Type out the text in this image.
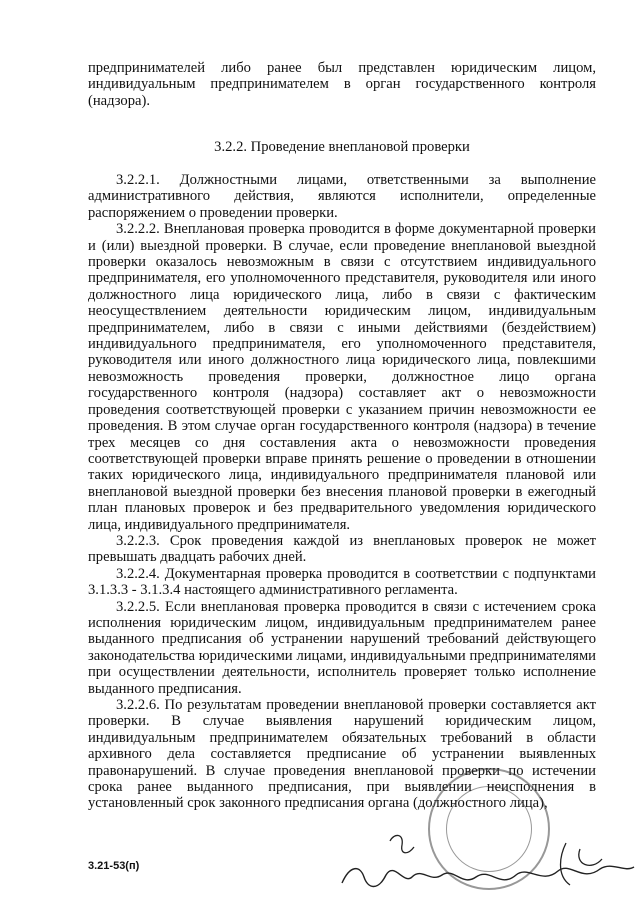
предпринимателей либо ранее был представлен юридическим лицом, индивидуальным предпринимателем в орган государственного контроля (надзора).

3.2.2. Проведение внеплановой проверки

3.2.2.1. Должностными лицами, ответственными за выполнение административного действия, являются исполнители, определенные распоряжением о проведении проверки.

3.2.2.2. Внеплановая проверка проводится в форме документарной проверки и (или) выездной проверки. В случае, если проведение внеплановой выездной проверки оказалось невозможным в связи с отсутствием индивидуального предпринимателя, его уполномоченного представителя, руководителя или иного должностного лица юридического лица, либо в связи с фактическим неосуществлением деятельности юридическим лицом, индивидуальным предпринимателем, либо в связи с иными действиями (бездействием) индивидуального предпринимателя, его уполномоченного представителя, руководителя или иного должностного лица юридического лица, повлекшими невозможность проведения проверки, должностное лицо органа государственного контроля (надзора) составляет акт о невозможности проведения соответствующей проверки с указанием причин невозможности ее проведения. В этом случае орган государственного контроля (надзора) в течение трех месяцев со дня составления акта о невозможности проведения соответствующей проверки вправе принять решение о проведении в отношении таких юридического лица, индивидуального предпринимателя плановой или внеплановой выездной проверки без внесения плановой проверки в ежегодный план плановых проверок и без предварительного уведомления юридического лица, индивидуального предпринимателя.

3.2.2.3. Срок проведения каждой из внеплановых проверок не может превышать двадцать рабочих дней.

3.2.2.4. Документарная проверка проводится в соответствии с подпунктами 3.1.3.3 - 3.1.3.4 настоящего административного регламента.

3.2.2.5. Если внеплановая проверка проводится в связи с истечением срока исполнения юридическим лицом, индивидуальным предпринимателем ранее выданного предписания об устранении нарушений требований действующего законодательства юридическими лицами, индивидуальными предпринимателями при осуществлении деятельности, исполнитель проверяет только исполнение выданного предписания.

3.2.2.6. По результатам проведении внеплановой проверки составляется акт проверки. В случае выявления нарушений юридическим лицом, индивидуальным предпринимателем обязательных требований в области архивного дела составляется предписание об устранении выявленных правонарушений. В случае проведения внеплановой проверки по истечении срока ранее выданного предписания, при выявлении неисполнения в установленный срок законного предписания органа (должностного лица),

3.21-53(п)
